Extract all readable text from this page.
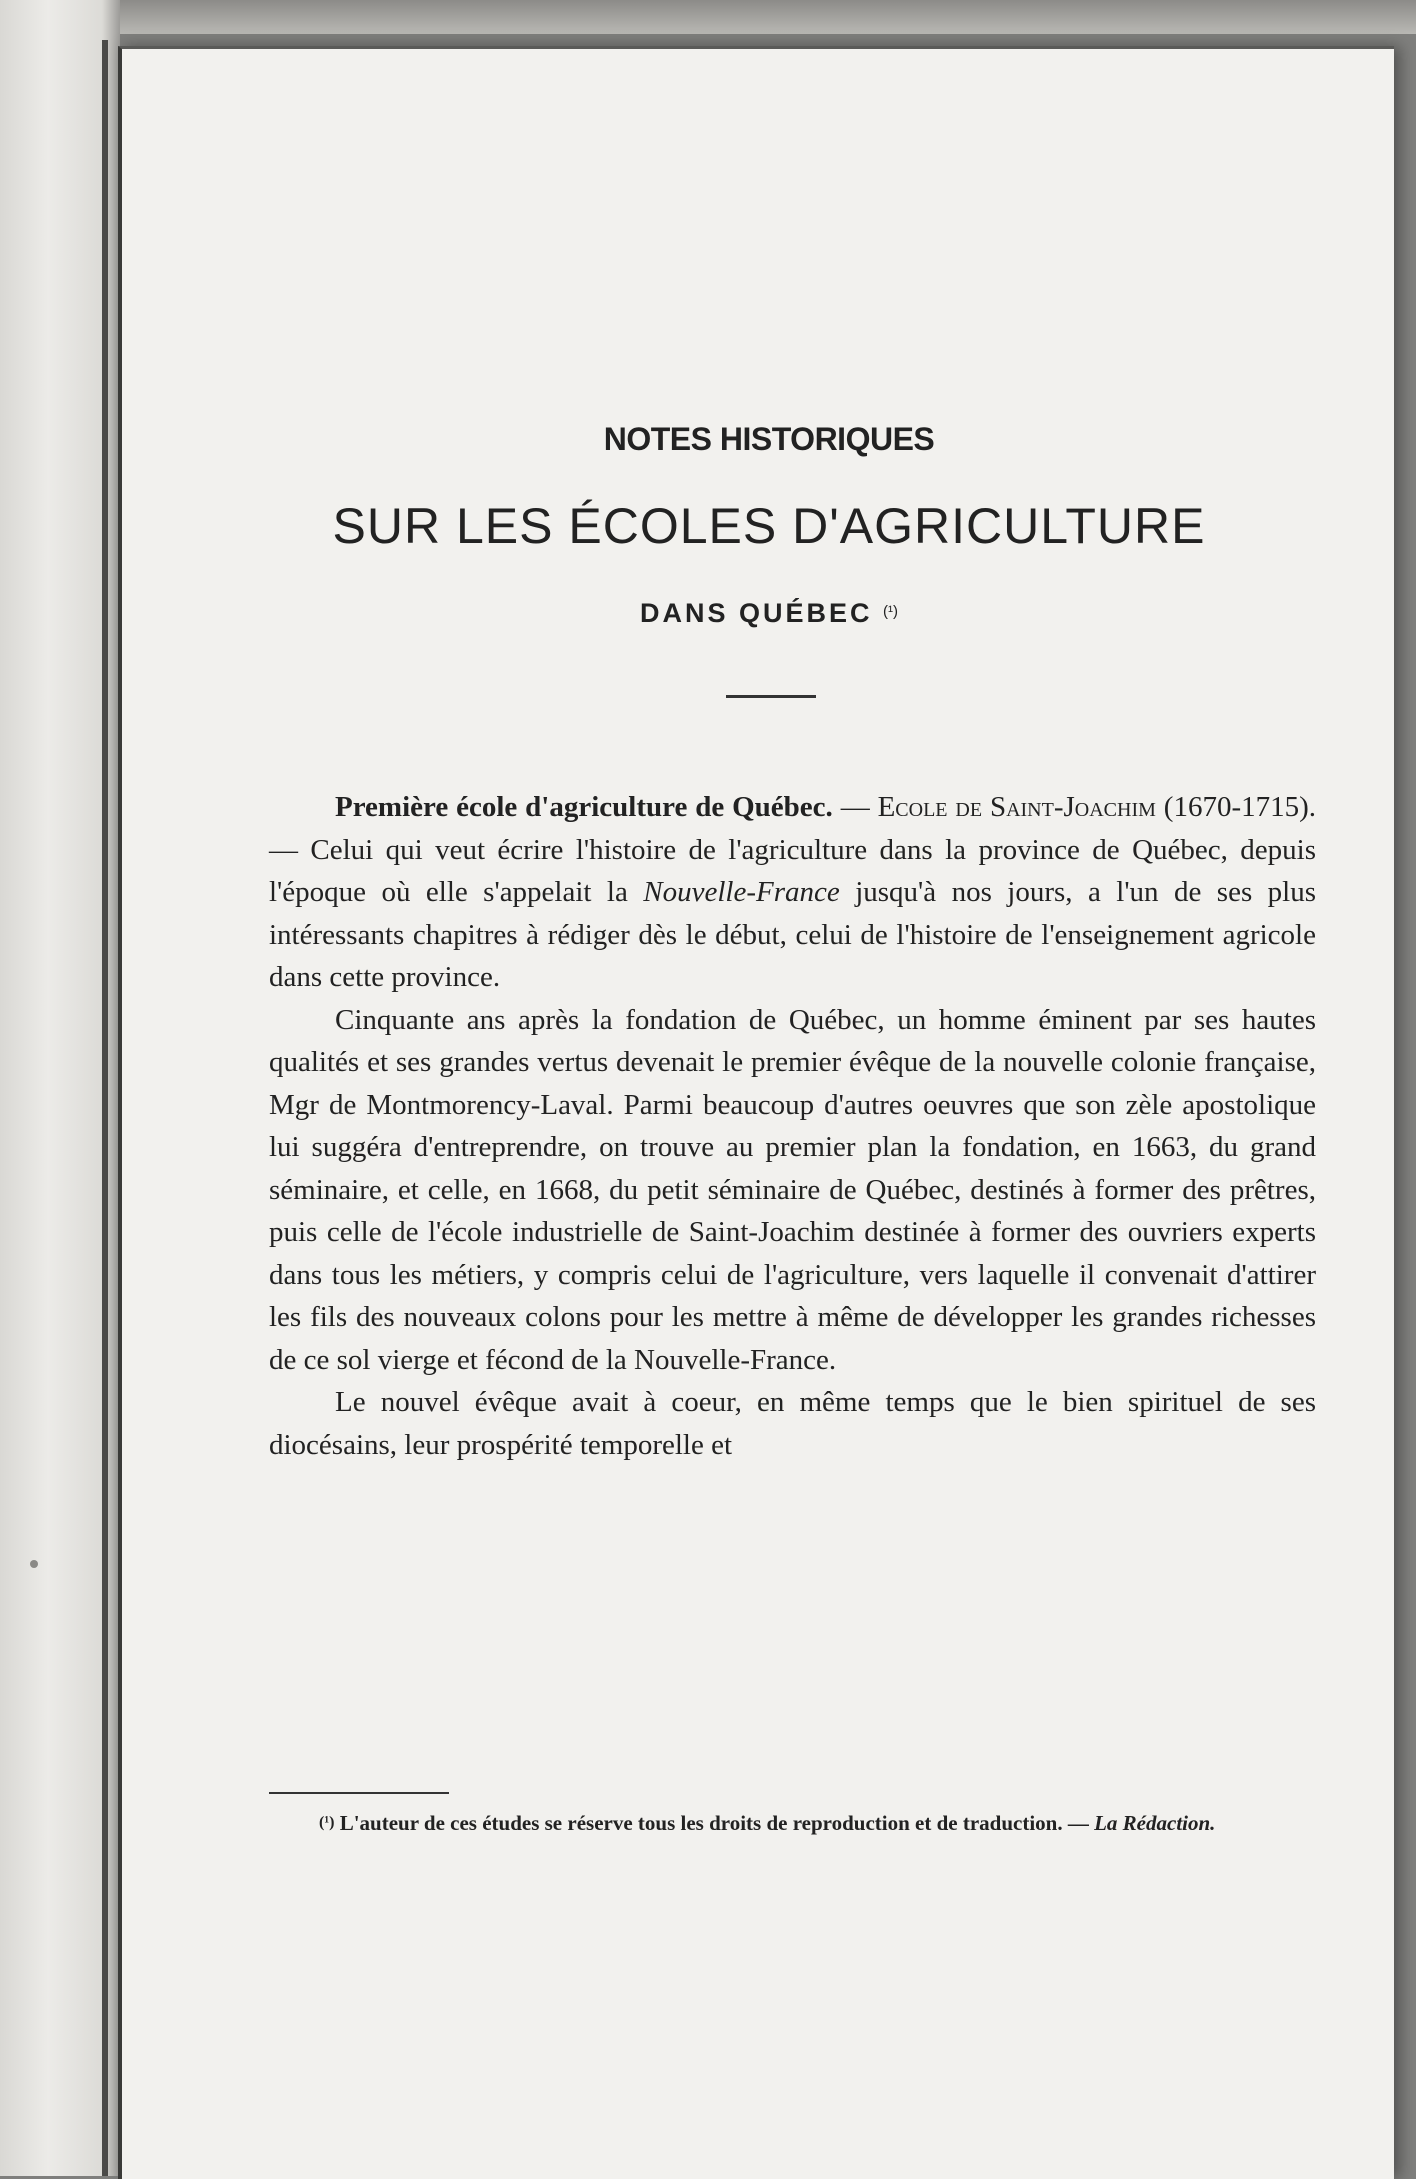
NOTES HISTORIQUES
SUR LES ÉCOLES D'AGRICULTURE
DANS QUÉBEC $^{(^1)}$

Première école d'agriculture de Québec. — Ecole de Saint-Joachim (1670-1715). — Celui qui veut écrire l'histoire de l'agriculture dans la province de Québec, depuis l'époque où elle s'appelait la Nouvelle-France jusqu'à nos jours, a l'un de ses plus intéressants chapitres à rédiger dès le début, celui de l'histoire de l'enseignement agricole dans cette province.

Cinquante ans après la fondation de Québec, un homme éminent par ses hautes qualités et ses grandes vertus devenait le premier évêque de la nouvelle colonie française, Mgr de Montmorency-Laval. Parmi beaucoup d'autres oeuvres que son zèle apostolique lui suggéra d'entreprendre, on trouve au premier plan la fondation, en 1663, du grand séminaire, et celle, en 1668, du petit séminaire de Québec, destinés à former des prêtres, puis celle de l'école industrielle de Saint-Joachim destinée à former des ouvriers experts dans tous les métiers, y compris celui de l'agriculture, vers laquelle il convenait d'attirer les fils des nouveaux colons pour les mettre à même de développer les grandes richesses de ce sol vierge et fécond de la Nouvelle-France.

Le nouvel évêque avait à coeur, en même temps que le bien spirituel de ses diocésains, leur prospérité temporelle et

(¹) L'auteur de ces études se réserve tous les droits de reproduction et de traduction. — La Rédaction.
